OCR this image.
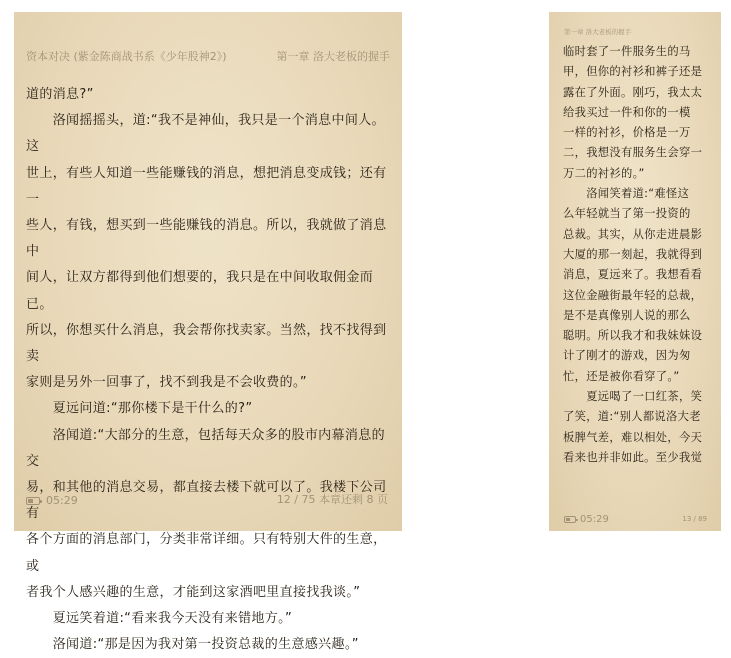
资本对决 (紫金陈商战书系《少年股神2》)	第一章 洛大老板的握手
道的消息?”
　　洛闻摇摇头，道:“我不是神仙，我只是一个消息中间人。这
世上，有些人知道一些能赚钱的消息，想把消息变成钱；还有一
些人，有钱，想买到一些能赚钱的消息。所以，我就做了消息中
间人，让双方都得到他们想要的，我只是在中间收取佣金而已。
所以，你想买什么消息，我会帮你找卖家。当然，找不找得到卖
家则是另外一回事了，找不到我是不会收费的。”
　　夏远问道:“那你楼下是干什么的?”
　　洛闻道:“大部分的生意，包括每天众多的股市内幕消息的交
易，和其他的消息交易，都直接去楼下就可以了。我楼下公司有
各个方面的消息部门，分类非常详细。只有特别大件的生意，或
者我个人感兴趣的生意，才能到这家酒吧里直接找我谈。”
　　夏远笑着道:“看来我今天没有来错地方。”
　　洛闻道:“那是因为我对第一投资总裁的生意感兴趣。”
05:29	12 / 75 本章还剩 8 页
第一章 洛大老板的握手
临时套了一件服务生的马
甲，但你的衬衫和裤子还是
露在了外面。刚巧，我太太
给我买过一件和你的一模
一样的衬衫，价格是一万
二，我想没有服务生会穿一
万二的衬衫的。”
　　洛闻笑着道:“难怪这
么年轻就当了第一投资的
总裁。其实，从你走进晨影
大厦的那一刻起，我就得到
消息，夏远来了。我想看看
这位金融街最年轻的总裁，
是不是真像别人说的那么
聪明。所以我才和我妹妹设
计了刚才的游戏，因为匆
忙，还是被你看穿了。”
　　夏远喝了一口红茶，笑
了笑，道:“别人都说洛大老
板脾气差，难以相处，今天
看来也并非如此。至少我觉
05:29	13 / 89
